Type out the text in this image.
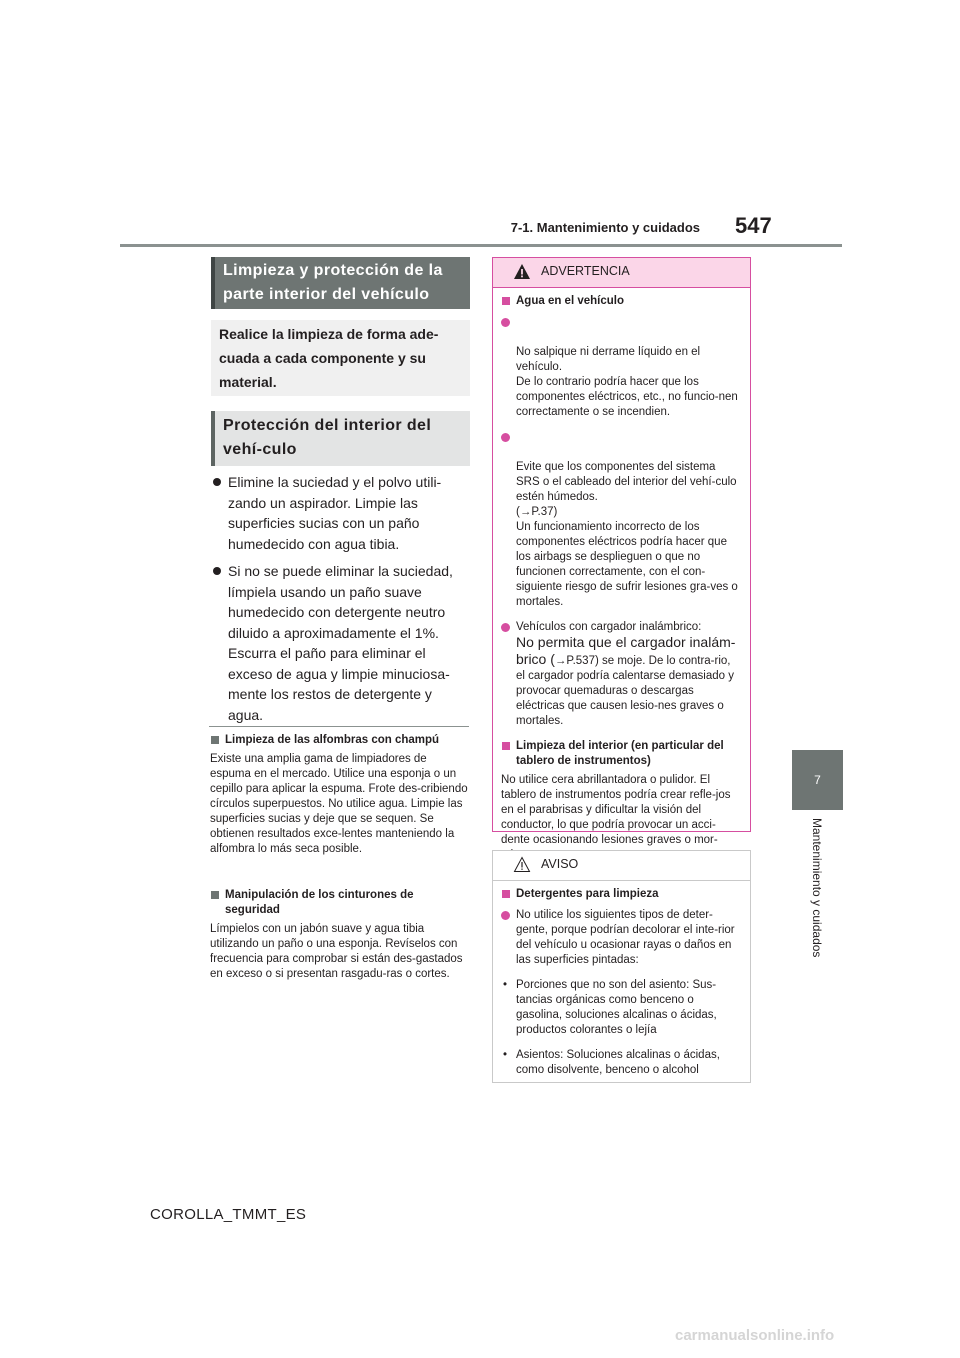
7-1. Mantenimiento y cuidados 547
7
Mantenimiento y cuidados
Limpieza y protección de la parte interior del vehículo
Realice la limpieza de forma ade-cuada a cada componente y su material.
Protección del interior del vehí-culo
Elimine la suciedad y el polvo utili-zando un aspirador. Limpie las superficies sucias con un paño humedecido con agua tibia.
Si no se puede eliminar la suciedad, límpiela usando un paño suave humedecido con detergente neutro diluido a aproximadamente el 1%. Escurra el paño para eliminar el exceso de agua y limpie minuciosa-mente los restos de detergente y agua.
Limpieza de las alfombras con champú
Existe una amplia gama de limpiadores de espuma en el mercado. Utilice una esponja o un cepillo para aplicar la espuma. Frote des-cribiendo círculos superpuestos. No utilice agua. Limpie las superficies sucias y deje que se sequen. Se obtienen resultados exce-lentes manteniendo la alfombra lo más seca posible.
Manipulación de los cinturones de seguridad
Límpielos con un jabón suave y agua tibia utilizando un paño o una esponja. Revíselos con frecuencia para comprobar si están des-gastados en exceso o si presentan rasgadu-ras o cortes.
ADVERTENCIA
Agua en el vehículo

No salpique ni derrame líquido en el vehículo.
De lo contrario podría hacer que los componentes eléctricos, etc., no funcio-nen correctamente o se incendien.

Evite que los componentes del sistema SRS o el cableado del interior del vehí-culo estén húmedos.
(→P.37)
Un funcionamiento incorrecto de los componentes eléctricos podría hacer que los airbags se desplieguen o que no funcionen correctamente, con el con-siguiente riesgo de sufrir lesiones gra-ves o mortales.

Vehículos con cargador inalámbrico:
No permita que el cargador inalám-brico (→P.537) se moje. De lo contra-rio, el cargador podría calentarse demasiado y provocar quemaduras o descargas eléctricas que causen lesio-nes graves o mortales.
Limpieza del interior (en particular del tablero de instrumentos)
No utilice cera abrillantadora o pulidor. El tablero de instrumentos podría crear refle-jos en el parabrisas y dificultar la visión del conductor, lo que podría provocar un acci-dente ocasionando lesiones graves o mor-
AVISO
Detergentes para limpieza
No utilice los siguientes tipos de deter-gente, porque podrían decolorar el inte-rior del vehículo u ocasionar rayas o daños en las superficies pintadas:
• Porciones que no son del asiento: Sus-tancias orgánicas como benceno o gasolina, soluciones alcalinas o ácidas, productos colorantes o lejía
• Asientos: Soluciones alcalinas o ácidas, como disolvente, benceno o alcohol
COROLLA_TMMT_ES
carmanualsonline.info
